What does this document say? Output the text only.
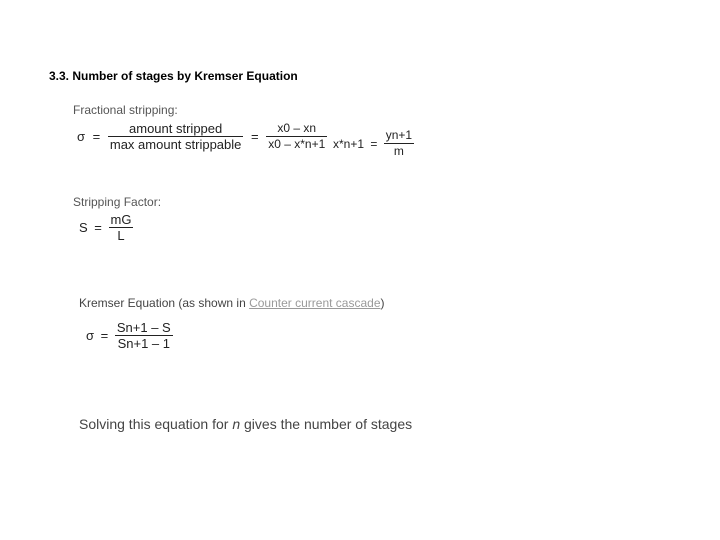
3.3. Number of stages by Kremser Equation
Fractional stripping:
$\sigma = \frac{\text{amount stripped}}{\text{max amount strippable}} = \frac{x0 - xn}{x0 - x*n+1} x*n+1 = \frac{yn+1}{m}$
Stripping Factor:
$S = \frac{mG}{L}$
Kremser Equation (as shown in Counter current cascade)
$\sigma = \frac{Sn+1 - S}{Sn+1 - 1}$
Solving this equation for n gives the number of stages
